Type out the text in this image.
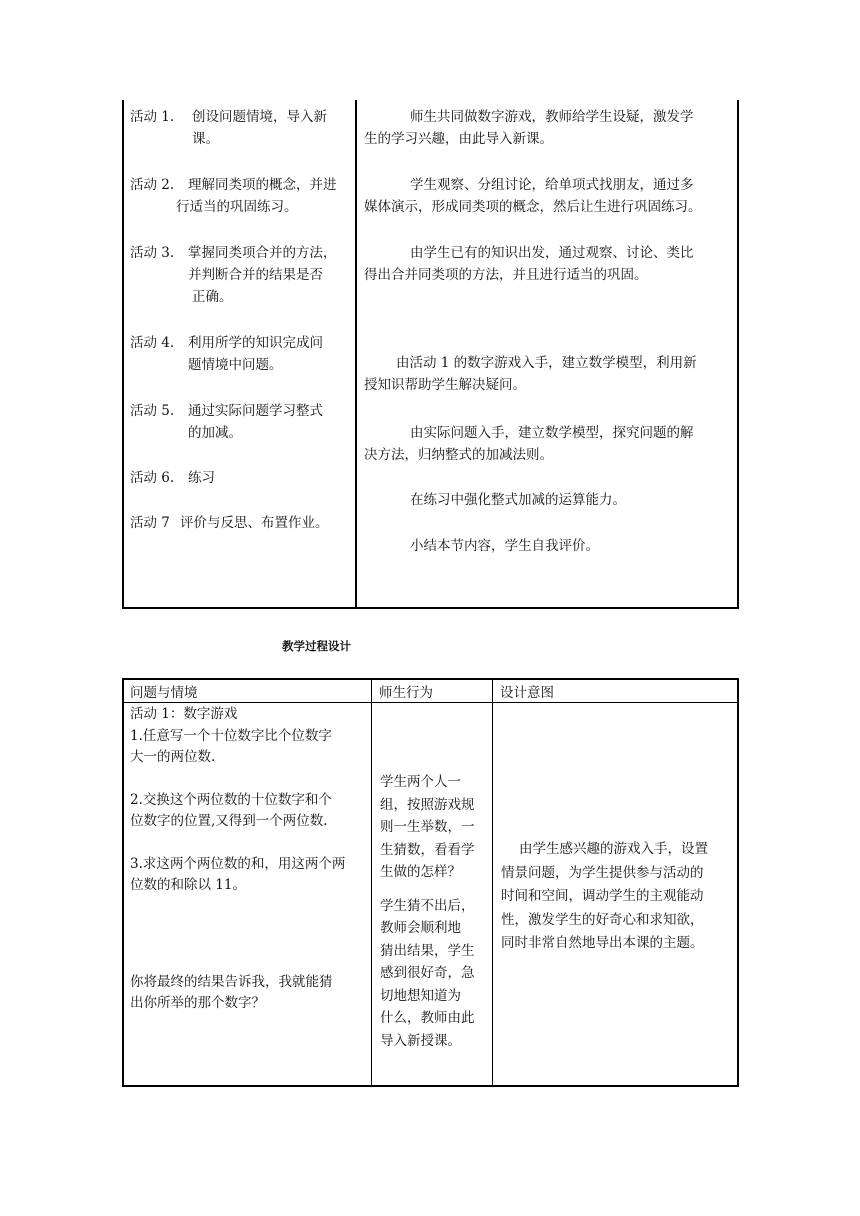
活动 1. 创设问题情境，导入新
课。
活动 2. 理解同类项的概念，并进
行适当的巩固练习。
活动 3. 掌握同类项合并的方法，
并判断合并的结果是否
正确。
活动 4. 利用所学的知识完成问
题情境中问题。
活动 5. 通过实际问题学习整式
的加减。
活动 6. 练习
活动 7 评价与反思、布置作业。
师生共同做数字游戏，教师给学生设疑，激发学
生的学习兴趣，由此导入新课。
学生观察、分组讨论，给单项式找朋友，通过多
媒体演示，形成同类项的概念，然后让生进行巩固练习。
由学生已有的知识出发，通过观察、讨论、类比
得出合并同类项的方法，并且进行适当的巩固。
由活动 1 的数字游戏入手，建立数学模型，利用新
授知识帮助学生解决疑问。
由实际问题入手，建立数学模型，探究问题的解
决方法，归纳整式的加减法则。
在练习中强化整式加减的运算能力。
小结本节内容，学生自我评价。
教学过程设计
问题与情境	师生行为	设计意图
活动 1：数字游戏
1.任意写一个十位数字比个位数字
大一的两位数.
2.交换这个两位数的十位数字和个
位数字的位置,又得到一个两位数.
3.求这两个两位数的和，用这两个两
位数的和除以 11。
你将最终的结果告诉我，我就能猜
出你所举的那个数字？
学生两个人一
组，按照游戏规
则一生举数，一
生猜数，看看学
生做的怎样？
学生猜不出后，
教师会顺利地
猜出结果，学生
感到很好奇，急
切地想知道为
什么，教师由此
导入新授课。
由学生感兴趣的游戏入手，设置
情景问题，为学生提供参与活动的
时间和空间，调动学生的主观能动
性，激发学生的好奇心和求知欲，
同时非常自然地导出本课的主题。
